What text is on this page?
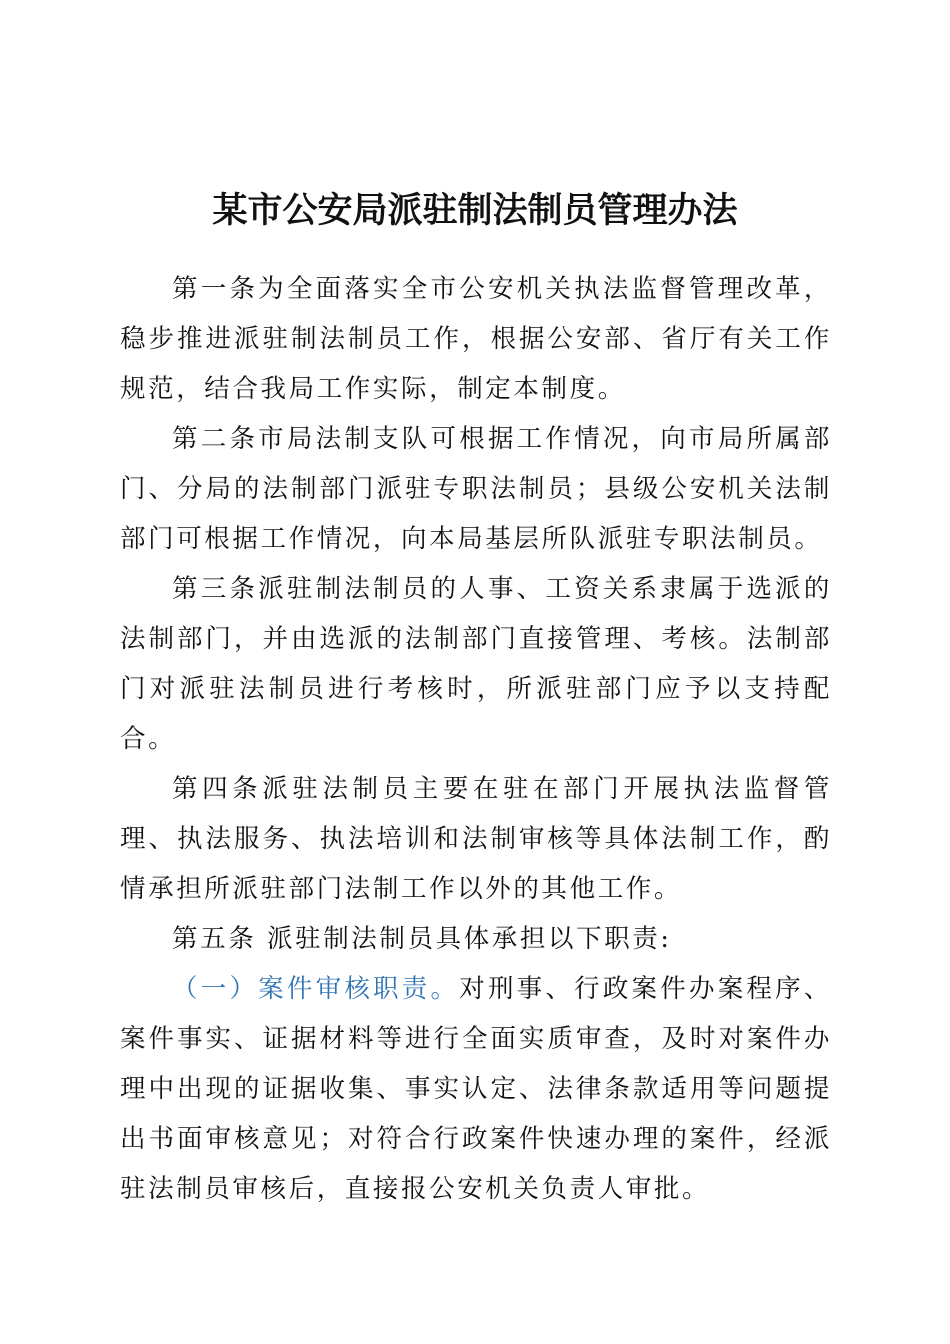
某市公安局派驻制法制员管理办法

第一条为全面落实全市公安机关执法监督管理改革，稳步推进派驻制法制员工作，根据公安部、省厅有关工作规范，结合我局工作实际，制定本制度。

第二条市局法制支队可根据工作情况，向市局所属部门、分局的法制部门派驻专职法制员；县级公安机关法制部门可根据工作情况，向本局基层所队派驻专职法制员。

第三条派驻制法制员的人事、工资关系隶属于选派的法制部门，并由选派的法制部门直接管理、考核。法制部门对派驻法制员进行考核时，所派驻部门应予以支持配合。

第四条派驻法制员主要在驻在部门开展执法监督管理、执法服务、执法培训和法制审核等具体法制工作，酌情承担所派驻部门法制工作以外的其他工作。

第五条 派驻制法制员具体承担以下职责:

（一）案件审核职责。对刑事、行政案件办案程序、案件事实、证据材料等进行全面实质审查，及时对案件办理中出现的证据收集、事实认定、法律条款适用等问题提出书面审核意见；对符合行政案件快速办理的案件，经派驻法制员审核后，直接报公安机关负责人审批。
